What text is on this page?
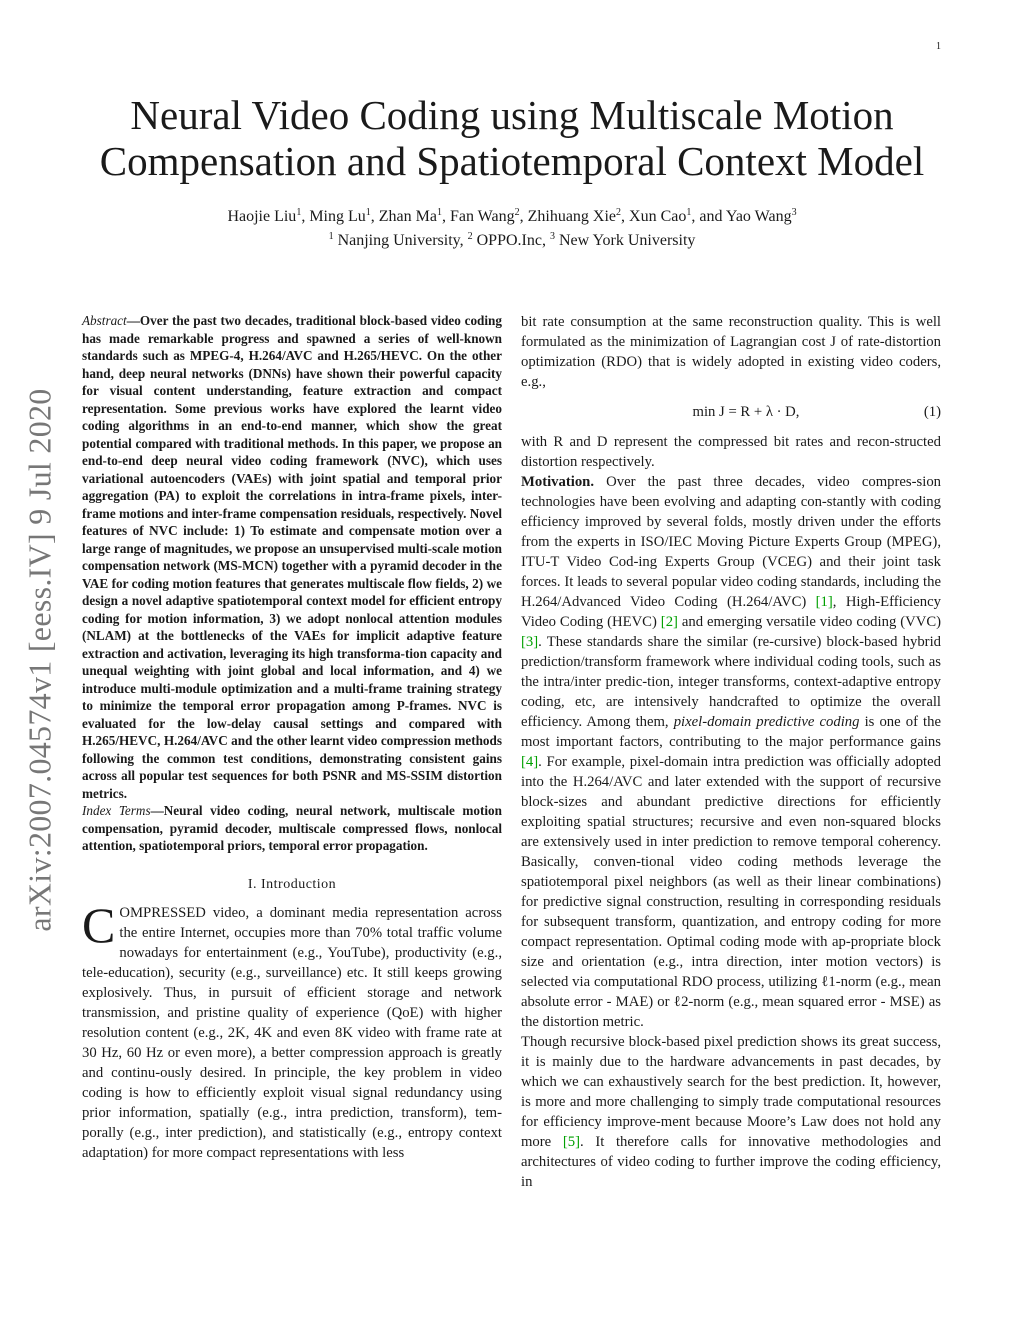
1
arXiv:2007.04574v1 [eess.IV] 9 Jul 2020
Neural Video Coding using Multiscale Motion
Compensation and Spatiotemporal Context Model
Haojie Liu$^1$, Ming Lu$^1$, Zhan Ma$^1$, Fan Wang$^2$, Zhihuang Xie$^2$, Xun Cao$^1$, and Yao Wang$^3$
$^1$ Nanjing University, $^2$ OPPO.Inc, $^3$ New York University

Abstract—Over the past two decades, traditional block-based video coding has made remarkable progress and spawned a series of well-known standards such as MPEG-4, H.264/AVC and H.265/HEVC. On the other hand, deep neural networks (DNNs) have shown their powerful capacity for visual content understanding, feature extraction and compact representation. Some previous works have explored the learnt video coding algorithms in an end-to-end manner, which show the great potential compared with traditional methods. In this paper, we propose an end-to-end deep neural video coding framework (NVC), which uses variational autoencoders (VAEs) with joint spatial and temporal prior aggregation (PA) to exploit the correlations in intra-frame pixels, inter-frame motions and inter-frame compensation residuals, respectively. Novel features of NVC include: 1) To estimate and compensate motion over a large range of magnitudes, we propose an unsupervised multi-scale motion compensation network (MS-MCN) together with a pyramid decoder in the VAE for coding motion features that generates multiscale flow fields, 2) we design a novel adaptive spatiotemporal context model for efficient entropy coding for motion information, 3) we adopt nonlocal attention modules (NLAM) at the bottlenecks of the VAEs for implicit adaptive feature extraction and activation, leveraging its high transforma-tion capacity and unequal weighting with joint global and local information, and 4) we introduce multi-module optimization and a multi-frame training strategy to minimize the temporal error propagation among P-frames. NVC is evaluated for the low-delay causal settings and compared with H.265/HEVC, H.264/AVC and the other learnt video compression methods following the common test conditions, demonstrating consistent gains across all popular test sequences for both PSNR and MS-SSIM distortion metrics.

Index Terms—Neural video coding, neural network, multiscale motion compensation, pyramid decoder, multiscale compressed flows, nonlocal attention, spatiotemporal priors, temporal error propagation.

I. Introduction

COMPRESSED video, a dominant media representation across the entire Internet, occupies more than 70% total traffic volume nowadays for entertainment (e.g., YouTube), productivity (e.g., tele-education), security (e.g., surveillance) etc. It still keeps growing explosively. Thus, in pursuit of efficient storage and network transmission, and pristine quality of experience (QoE) with higher resolution content (e.g., 2K, 4K and even 8K video with frame rate at 30 Hz, 60 Hz or even more), a better compression approach is greatly and continu-ously desired. In principle, the key problem in video coding is how to efficiently exploit visual signal redundancy using prior information, spatially (e.g., intra prediction, transform), tem-porally (e.g., inter prediction), and statistically (e.g., entropy context adaptation) for more compact representations with less

bit rate consumption at the same reconstruction quality. This is well formulated as the minimization of Lagrangian cost J of rate-distortion optimization (RDO) that is widely adopted in existing video coders, e.g.,

min J = R + λ · D,	(1)

with R and D represent the compressed bit rates and recon-structed distortion respectively.

Motivation. Over the past three decades, video compres-sion technologies have been evolving and adapting con-stantly with coding efficiency improved by several folds, mostly driven under the efforts from the experts in ISO/IEC Moving Picture Experts Group (MPEG), ITU-T Video Cod-ing Experts Group (VCEG) and their joint task forces. It leads to several popular video coding standards, including the H.264/Advanced Video Coding (H.264/AVC) [1], High-Efficiency Video Coding (HEVC) [2] and emerging versatile video coding (VVC) [3]. These standards share the similar (re-cursive) block-based hybrid prediction/transform framework where individual coding tools, such as the intra/inter predic-tion, integer transforms, context-adaptive entropy coding, etc, are intensively handcrafted to optimize the overall efficiency. Among them, pixel-domain predictive coding is one of the most important factors, contributing to the major performance gains [4]. For example, pixel-domain intra prediction was officially adopted into the H.264/AVC and later extended with the support of recursive block-sizes and abundant predictive directions for efficiently exploiting spatial structures; recursive and even non-squared blocks are extensively used in inter prediction to remove temporal coherency. Basically, conven-tional video coding methods leverage the spatiotemporal pixel neighbors (as well as their linear combinations) for predictive signal construction, resulting in corresponding residuals for subsequent transform, quantization, and entropy coding for more compact representation. Optimal coding mode with ap-propriate block size and orientation (e.g., intra direction, inter motion vectors) is selected via computational RDO process, utilizing ℓ1-norm (e.g., mean absolute error - MAE) or ℓ2-norm (e.g., mean squared error - MSE) as the distortion metric.

Though recursive block-based pixel prediction shows its great success, it is mainly due to the hardware advancements in past decades, by which we can exhaustively search for the best prediction. It, however, is more and more challenging to simply trade computational resources for efficiency improve-ment because Moore’s Law does not hold any more [5]. It therefore calls for innovative methodologies and architectures of video coding to further improve the coding efficiency, in
